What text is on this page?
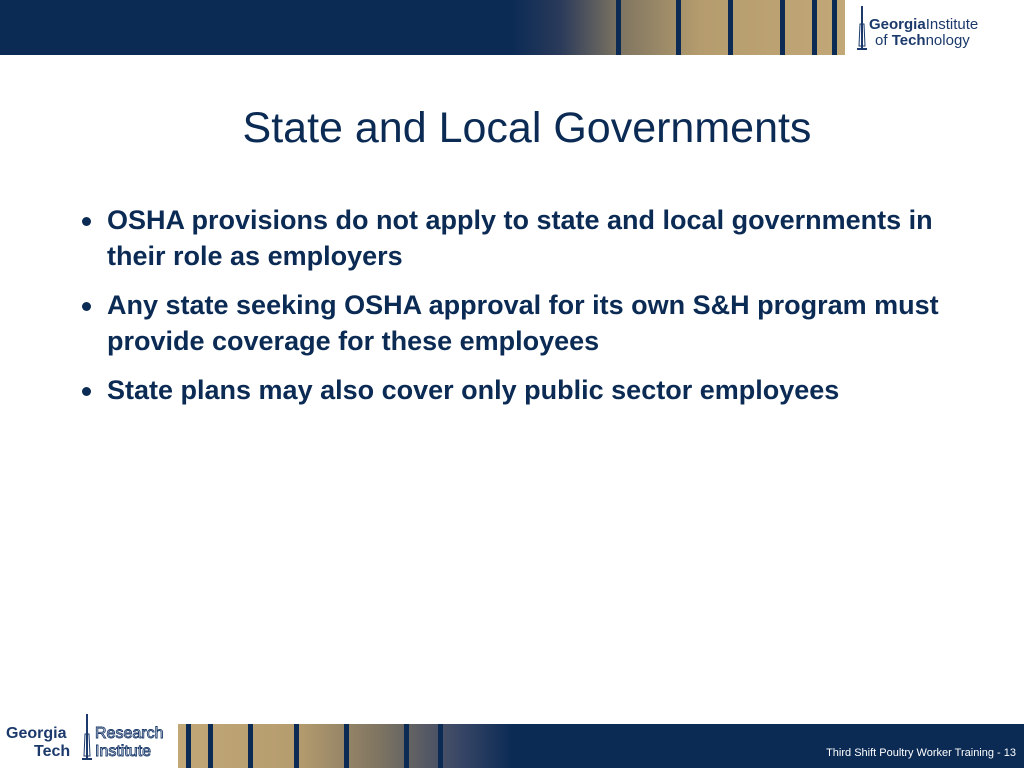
GeorgiaInstitute
of Technology
State and Local Governments
OSHA provisions do not apply to state and local governments in their role as employers
Any state seeking OSHA approval for its own S&H program must provide coverage for these employees
State plans may also cover only public sector employees
Georgia
Tech
Research
Institute	Third Shift Poultry Worker Training - 13
